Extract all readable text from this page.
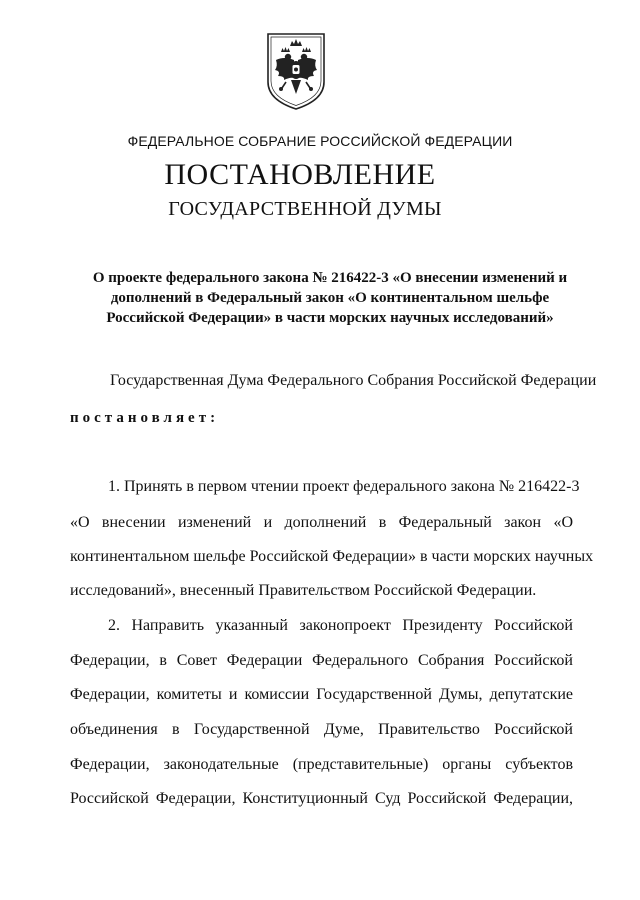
ФЕДЕРАЛЬНОЕ СОБРАНИЕ РОССИЙСКОЙ ФЕДЕРАЦИИ
ПОСТАНОВЛЕНИЕ
ГОСУДАРСТВЕННОЙ ДУМЫ
О проекте федерального закона № 216422-3 «О внесении изменений и
дополнений в Федеральный закон «О континентальном шельфе
Российской Федерации» в части морских научных исследований»
Государственная Дума Федерального Собрания Российской Федерации
постановляет:
1. Принять в первом чтении проект федерального закона № 216422-3
«О внесении изменений и дополнений в Федеральный закон «О
континентальном шельфе Российской Федерации» в части морских научных
исследований», внесенный Правительством Российской Федерации.
2. Направить указанный законопроект Президенту Российской
Федерации, в Совет Федерации Федерального Собрания Российской
Федерации, комитеты и комиссии Государственной Думы, депутатские
объединения в Государственной Думе, Правительство Российской
Федерации, законодательные (представительные) органы субъектов
Российской Федерации, Конституционный Суд Российской Федерации,
